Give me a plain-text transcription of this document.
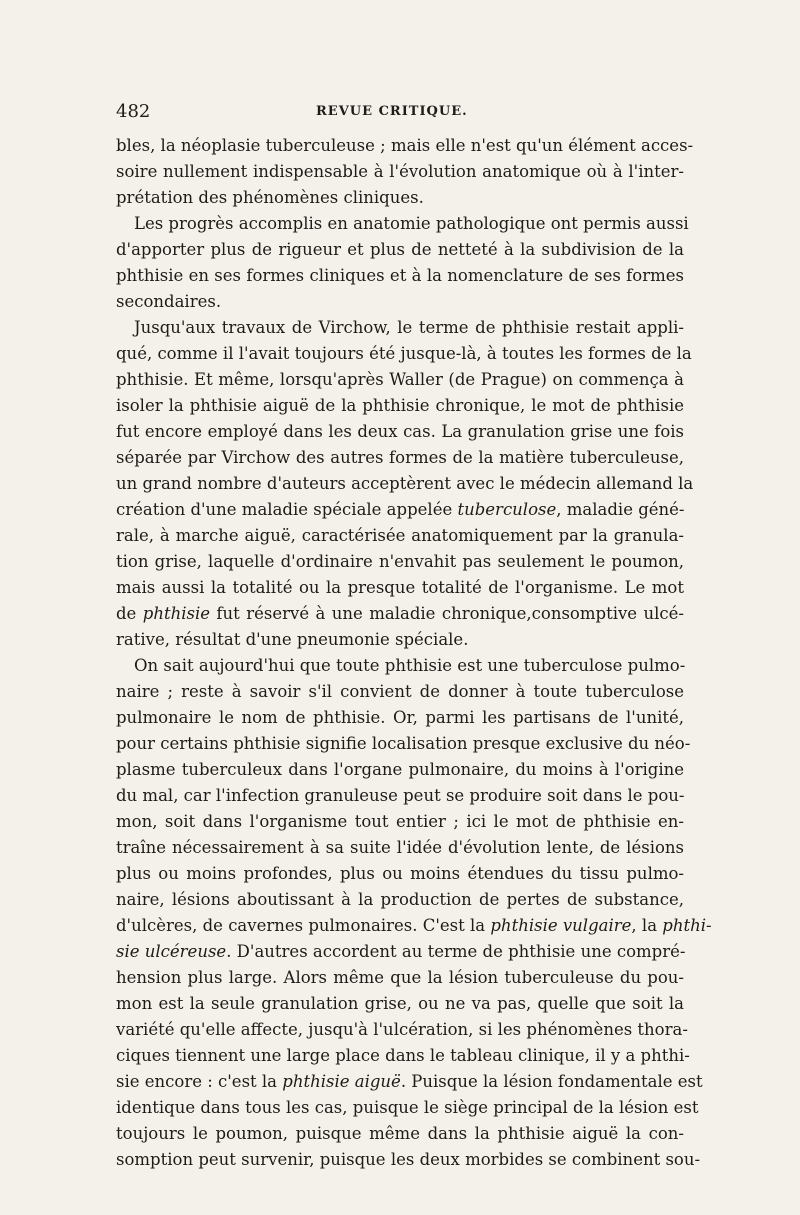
482	REVUE CRITIQUE.
bles, la néoplasie tuberculeuse ; mais elle n'est qu'un élément acces-
soire nullement indispensable à l'évolution anatomique où à l'inter-
prétation des phénomènes cliniques.
Les progrès accomplis en anatomie pathologique ont permis aussi
d'apporter plus de rigueur et plus de netteté à la subdivision de la
phthisie en ses formes cliniques et à la nomenclature de ses formes
secondaires.
Jusqu'aux travaux de Virchow, le terme de phthisie restait appli-
qué, comme il l'avait toujours été jusque-là, à toutes les formes de la
phthisie. Et même, lorsqu'après Waller (de Prague) on commença à
isoler la phthisie aiguë de la phthisie chronique, le mot de phthisie
fut encore employé dans les deux cas. La granulation grise une fois
séparée par Virchow des autres formes de la matière tuberculeuse,
un grand nombre d'auteurs acceptèrent avec le médecin allemand la
création d'une maladie spéciale appelée tuberculose, maladie géné-
rale, à marche aiguë, caractérisée anatomiquement par la granula-
tion grise, laquelle d'ordinaire n'envahit pas seulement le poumon,
mais aussi la totalité ou la presque totalité de l'organisme. Le mot
de phthisie fut réservé à une maladie chronique,consomptive ulcé-
rative, résultat d'une pneumonie spéciale.
On sait aujourd'hui que toute phthisie est une tuberculose pulmo-
naire ; reste à savoir s'il convient de donner à toute tuberculose
pulmonaire le nom de phthisie. Or, parmi les partisans de l'unité,
pour certains phthisie signifie localisation presque exclusive du néo-
plasme tuberculeux dans l'organe pulmonaire, du moins à l'origine
du mal, car l'infection granuleuse peut se produire soit dans le pou-
mon, soit dans l'organisme tout entier ; ici le mot de phthisie en-
traîne nécessairement à sa suite l'idée d'évolution lente, de lésions
plus ou moins profondes, plus ou moins étendues du tissu pulmo-
naire, lésions aboutissant à la production de pertes de substance,
d'ulcères, de cavernes pulmonaires. C'est la phthisie vulgaire, la phthi-
sie ulcéreuse. D'autres accordent au terme de phthisie une compré-
hension plus large. Alors même que la lésion tuberculeuse du pou-
mon est la seule granulation grise, ou ne va pas, quelle que soit la
variété qu'elle affecte, jusqu'à l'ulcération, si les phénomènes thora-
ciques tiennent une large place dans le tableau clinique, il y a phthi-
sie encore : c'est la phthisie aiguë. Puisque la lésion fondamentale est
identique dans tous les cas, puisque le siège principal de la lésion est
toujours le poumon, puisque même dans la phthisie aiguë la con-
somption peut survenir, puisque les deux morbides se combinent sou-
